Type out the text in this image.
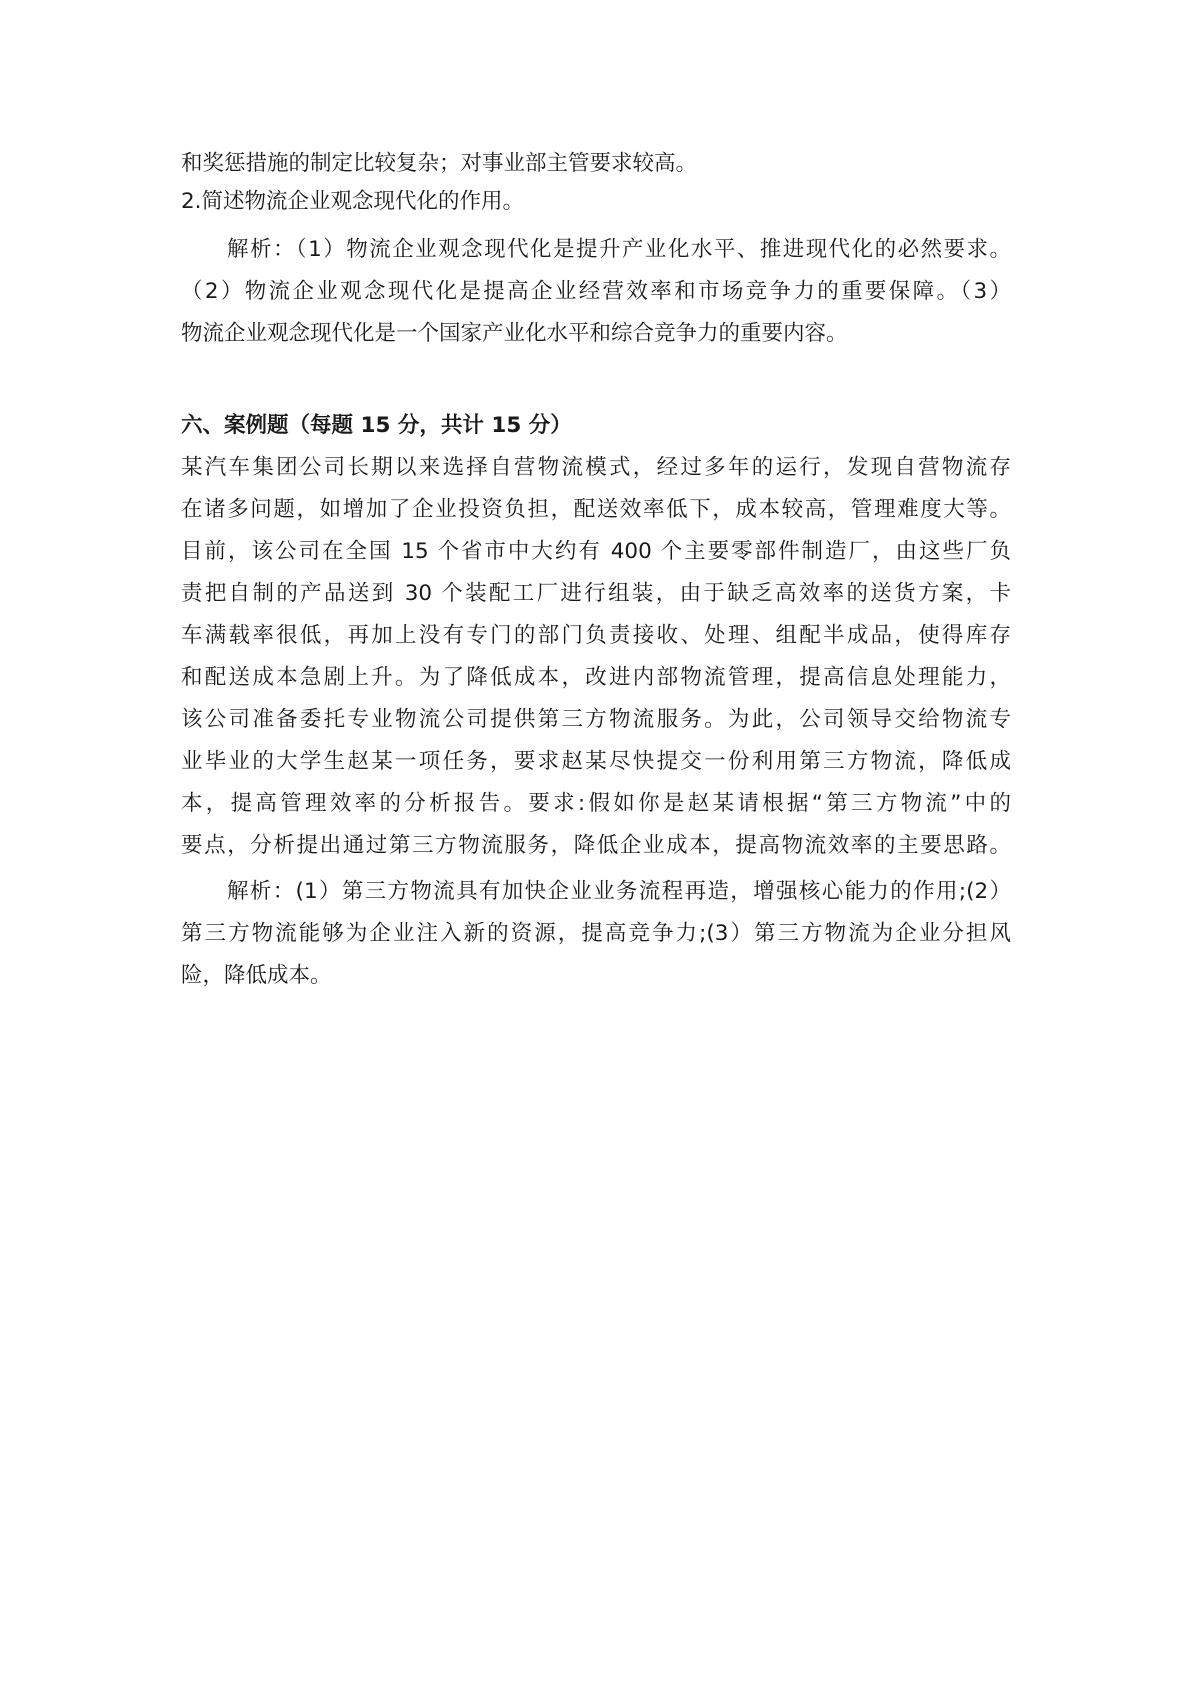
和奖惩措施的制定比较复杂；对事业部主管要求较高。

2.简述物流企业观念现代化的作用。

解析：（1）物流企业观念现代化是提升产业化水平、推进现代化的必然要求。

（2）物流企业观念现代化是提高企业经营效率和市场竞争力的重要保障。（3）

物流企业观念现代化是一个国家产业化水平和综合竞争力的重要内容。

六、案例题（每题 15 分，共计 15 分）

某汽车集团公司长期以来选择自营物流模式，经过多年的运行，发现自营物流存

在诸多问题，如增加了企业投资负担，配送效率低下，成本较高，管理难度大等。

目前，该公司在全国 15 个省市中大约有 400 个主要零部件制造厂，由这些厂负

责把自制的产品送到 30 个装配工厂进行组装，由于缺乏高效率的送货方案，卡

车满载率很低，再加上没有专门的部门负责接收、处理、组配半成品，使得库存

和配送成本急剧上升。为了降低成本，改进内部物流管理，提高信息处理能力，

该公司准备委托专业物流公司提供第三方物流服务。为此，公司领导交给物流专

业毕业的大学生赵某一项任务，要求赵某尽快提交一份利用第三方物流，降低成

本，提高管理效率的分析报告。要求:假如你是赵某请根据“第三方物流”中的

要点，分析提出通过第三方物流服务，降低企业成本，提高物流效率的主要思路。

解析：(1）第三方物流具有加快企业业务流程再造，增强核心能力的作用;(2）

第三方物流能够为企业注入新的资源，提高竞争力;(3）第三方物流为企业分担风

险，降低成本。
